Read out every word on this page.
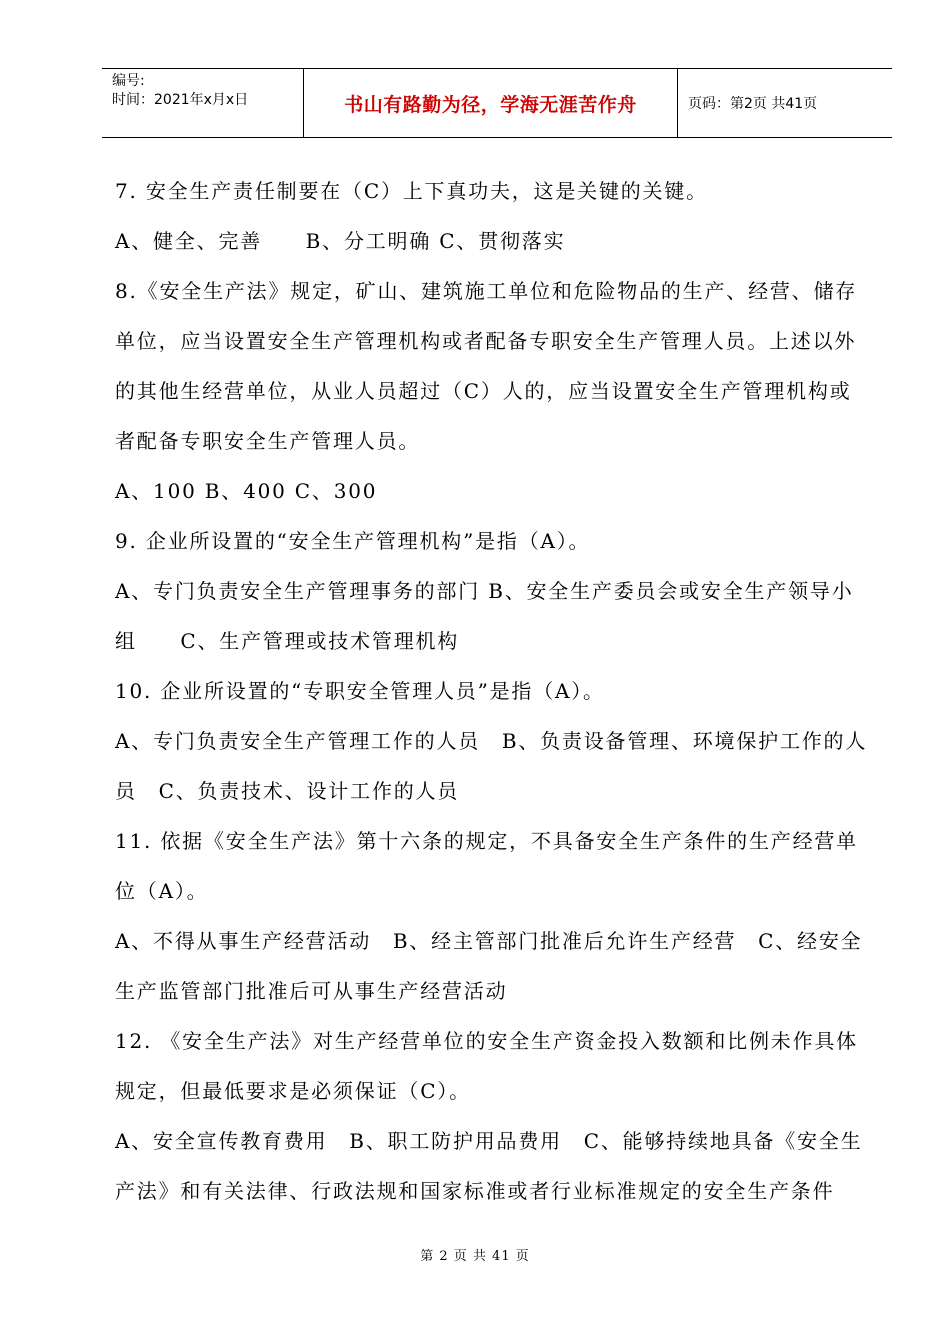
编号:
时间：2021年x月x日	书山有路勤为径，学海无涯苦作舟	页码：第2页 共41页
7. 安全生产责任制要在（C）上下真功夫，这是关键的关键。
A、健全、完善　　B、分工明确 C、贯彻落实
8.《安全生产法》规定，矿山、建筑施工单位和危险物品的生产、经营、储存
单位，应当设置安全生产管理机构或者配备专职安全生产管理人员。上述以外
的其他生经营单位，从业人员超过（C）人的，应当设置安全生产管理机构或
者配备专职安全生产管理人员。
A、100 B、400 C、300
9. 企业所设置的“安全生产管理机构”是指（A）。
A、专门负责安全生产管理事务的部门 B、安全生产委员会或安全生产领导小
组　　C、生产管理或技术管理机构
10. 企业所设置的“专职安全管理人员”是指（A）。
A、专门负责安全生产管理工作的人员　B、负责设备管理、环境保护工作的人
员　C、负责技术、设计工作的人员
11. 依据《安全生产法》第十六条的规定，不具备安全生产条件的生产经营单
位（A）。
A、不得从事生产经营活动　B、经主管部门批准后允许生产经营　C、经安全
生产监管部门批准后可从事生产经营活动
12. 《安全生产法》对生产经营单位的安全生产资金投入数额和比例未作具体
规定，但最低要求是必须保证（C）。
A、安全宣传教育费用　B、职工防护用品费用　C、能够持续地具备《安全生
产法》和有关法律、行政法规和国家标准或者行业标准规定的安全生产条件
第 2 页 共 41 页
